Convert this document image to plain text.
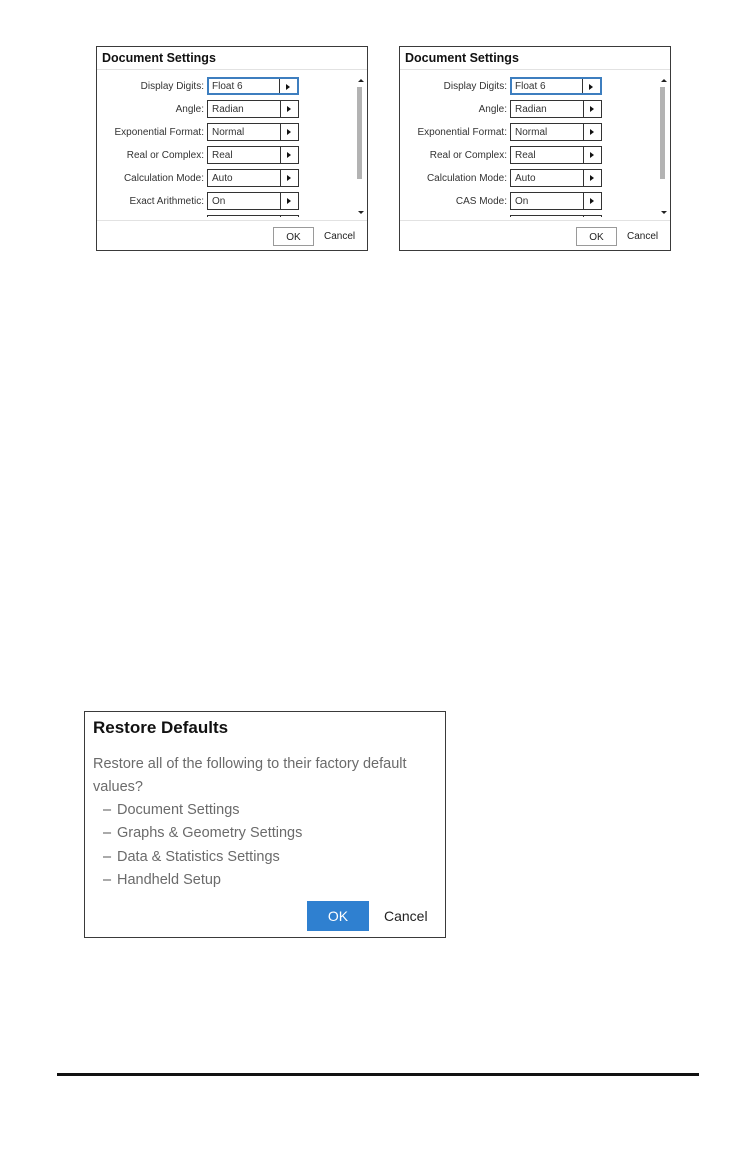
Document Settings
Display Digits: Float 6
Angle: Radian
Exponential Format: Normal
Real or Complex: Real
Calculation Mode: Auto
Exact Arithmetic: On
OK	Cancel
Document Settings
Display Digits: Float 6
Angle: Radian
Exponential Format: Normal
Real or Complex: Real
Calculation Mode: Auto
CAS Mode: On
OK	Cancel
Restore Defaults
Restore all of the following to their factory default values?
– Document Settings
– Graphs & Geometry Settings
– Data & Statistics Settings
– Handheld Setup
OK	Cancel
